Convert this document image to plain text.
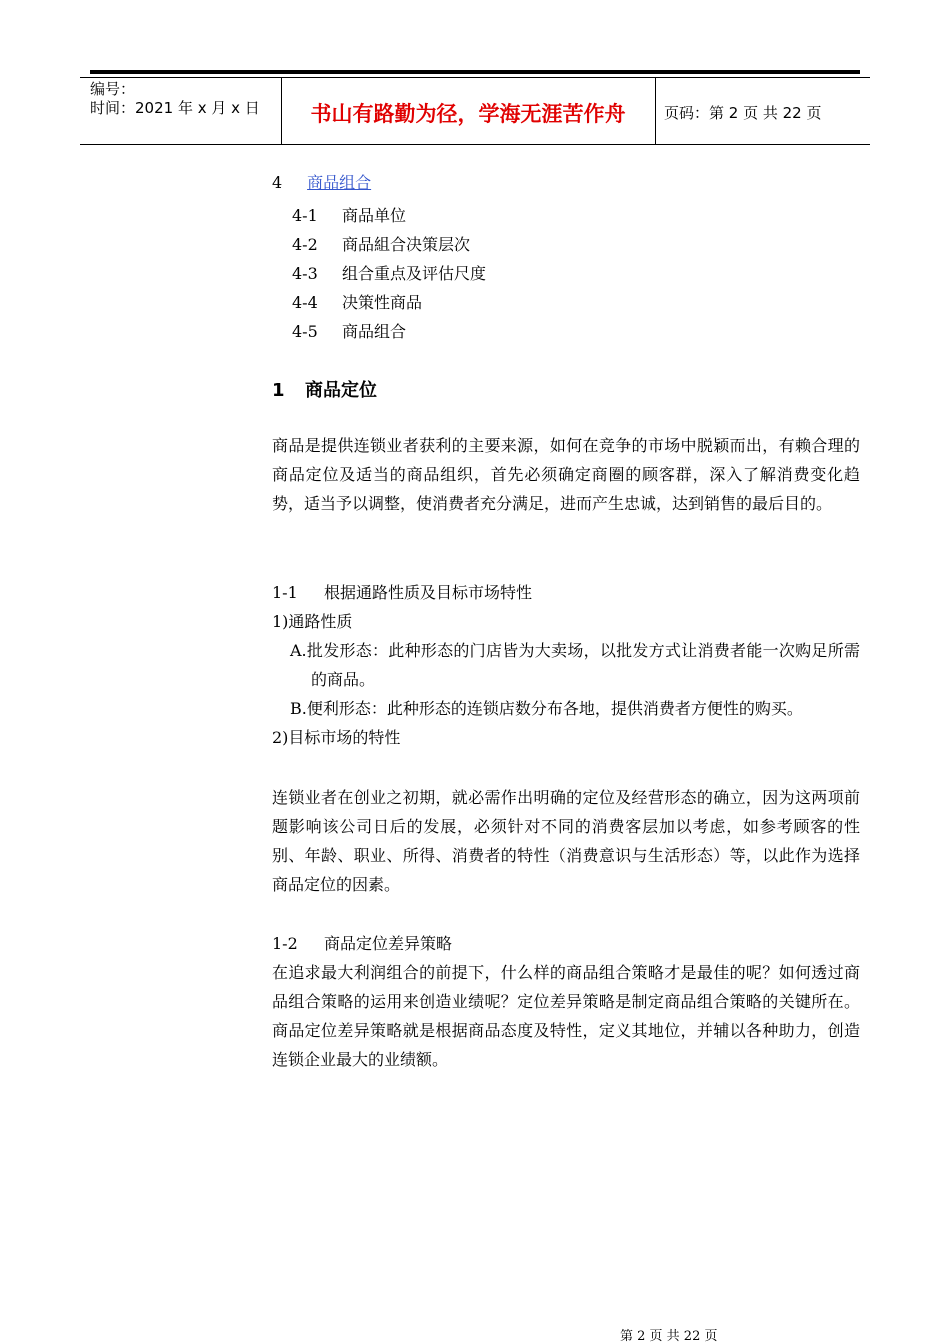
编号：
时间：2021 年 x 月 x 日	书山有路勤为径，学海无涯苦作舟	页码：第 2 页 共 22 页
4 商品组合
4-1 商品单位
4-2 商品組合决策层次
4-3 组合重点及评估尺度
4-4 决策性商品
4-5 商品组合
1 商品定位
商品是提供连锁业者获利的主要来源，如何在竞争的市场中脱颖而出，有赖合理的商品定位及适当的商品组织，首先必须确定商圈的顾客群，深入了解消费变化趋势，适当予以调整，使消费者充分满足，进而产生忠诚，达到销售的最后目的。
1-1 根据通路性质及目标市场特性
1)通路性质
A.批发形态：此种形态的门店皆为大卖场，以批发方式让消费者能一次购足所需的商品。
B.便利形态：此种形态的连锁店数分布各地，提供消费者方便性的购买。
2)目标市场的特性
连锁业者在创业之初期，就必需作出明确的定位及经营形态的确立，因为这两项前题影响该公司日后的发展，必须针对不同的消费客层加以考虑，如参考顾客的性别、年龄、职业、所得、消费者的特性（消费意识与生活形态）等，以此作为选择商品定位的因素。
1-2 商品定位差异策略
在追求最大利润组合的前提下，什么样的商品组合策略才是最佳的呢？如何透过商品组合策略的运用来创造业绩呢？定位差异策略是制定商品组合策略的关键所在。商品定位差异策略就是根据商品态度及特性，定义其地位，并辅以各种助力，创造连锁企业最大的业绩额。
第 2 页 共 22 页
